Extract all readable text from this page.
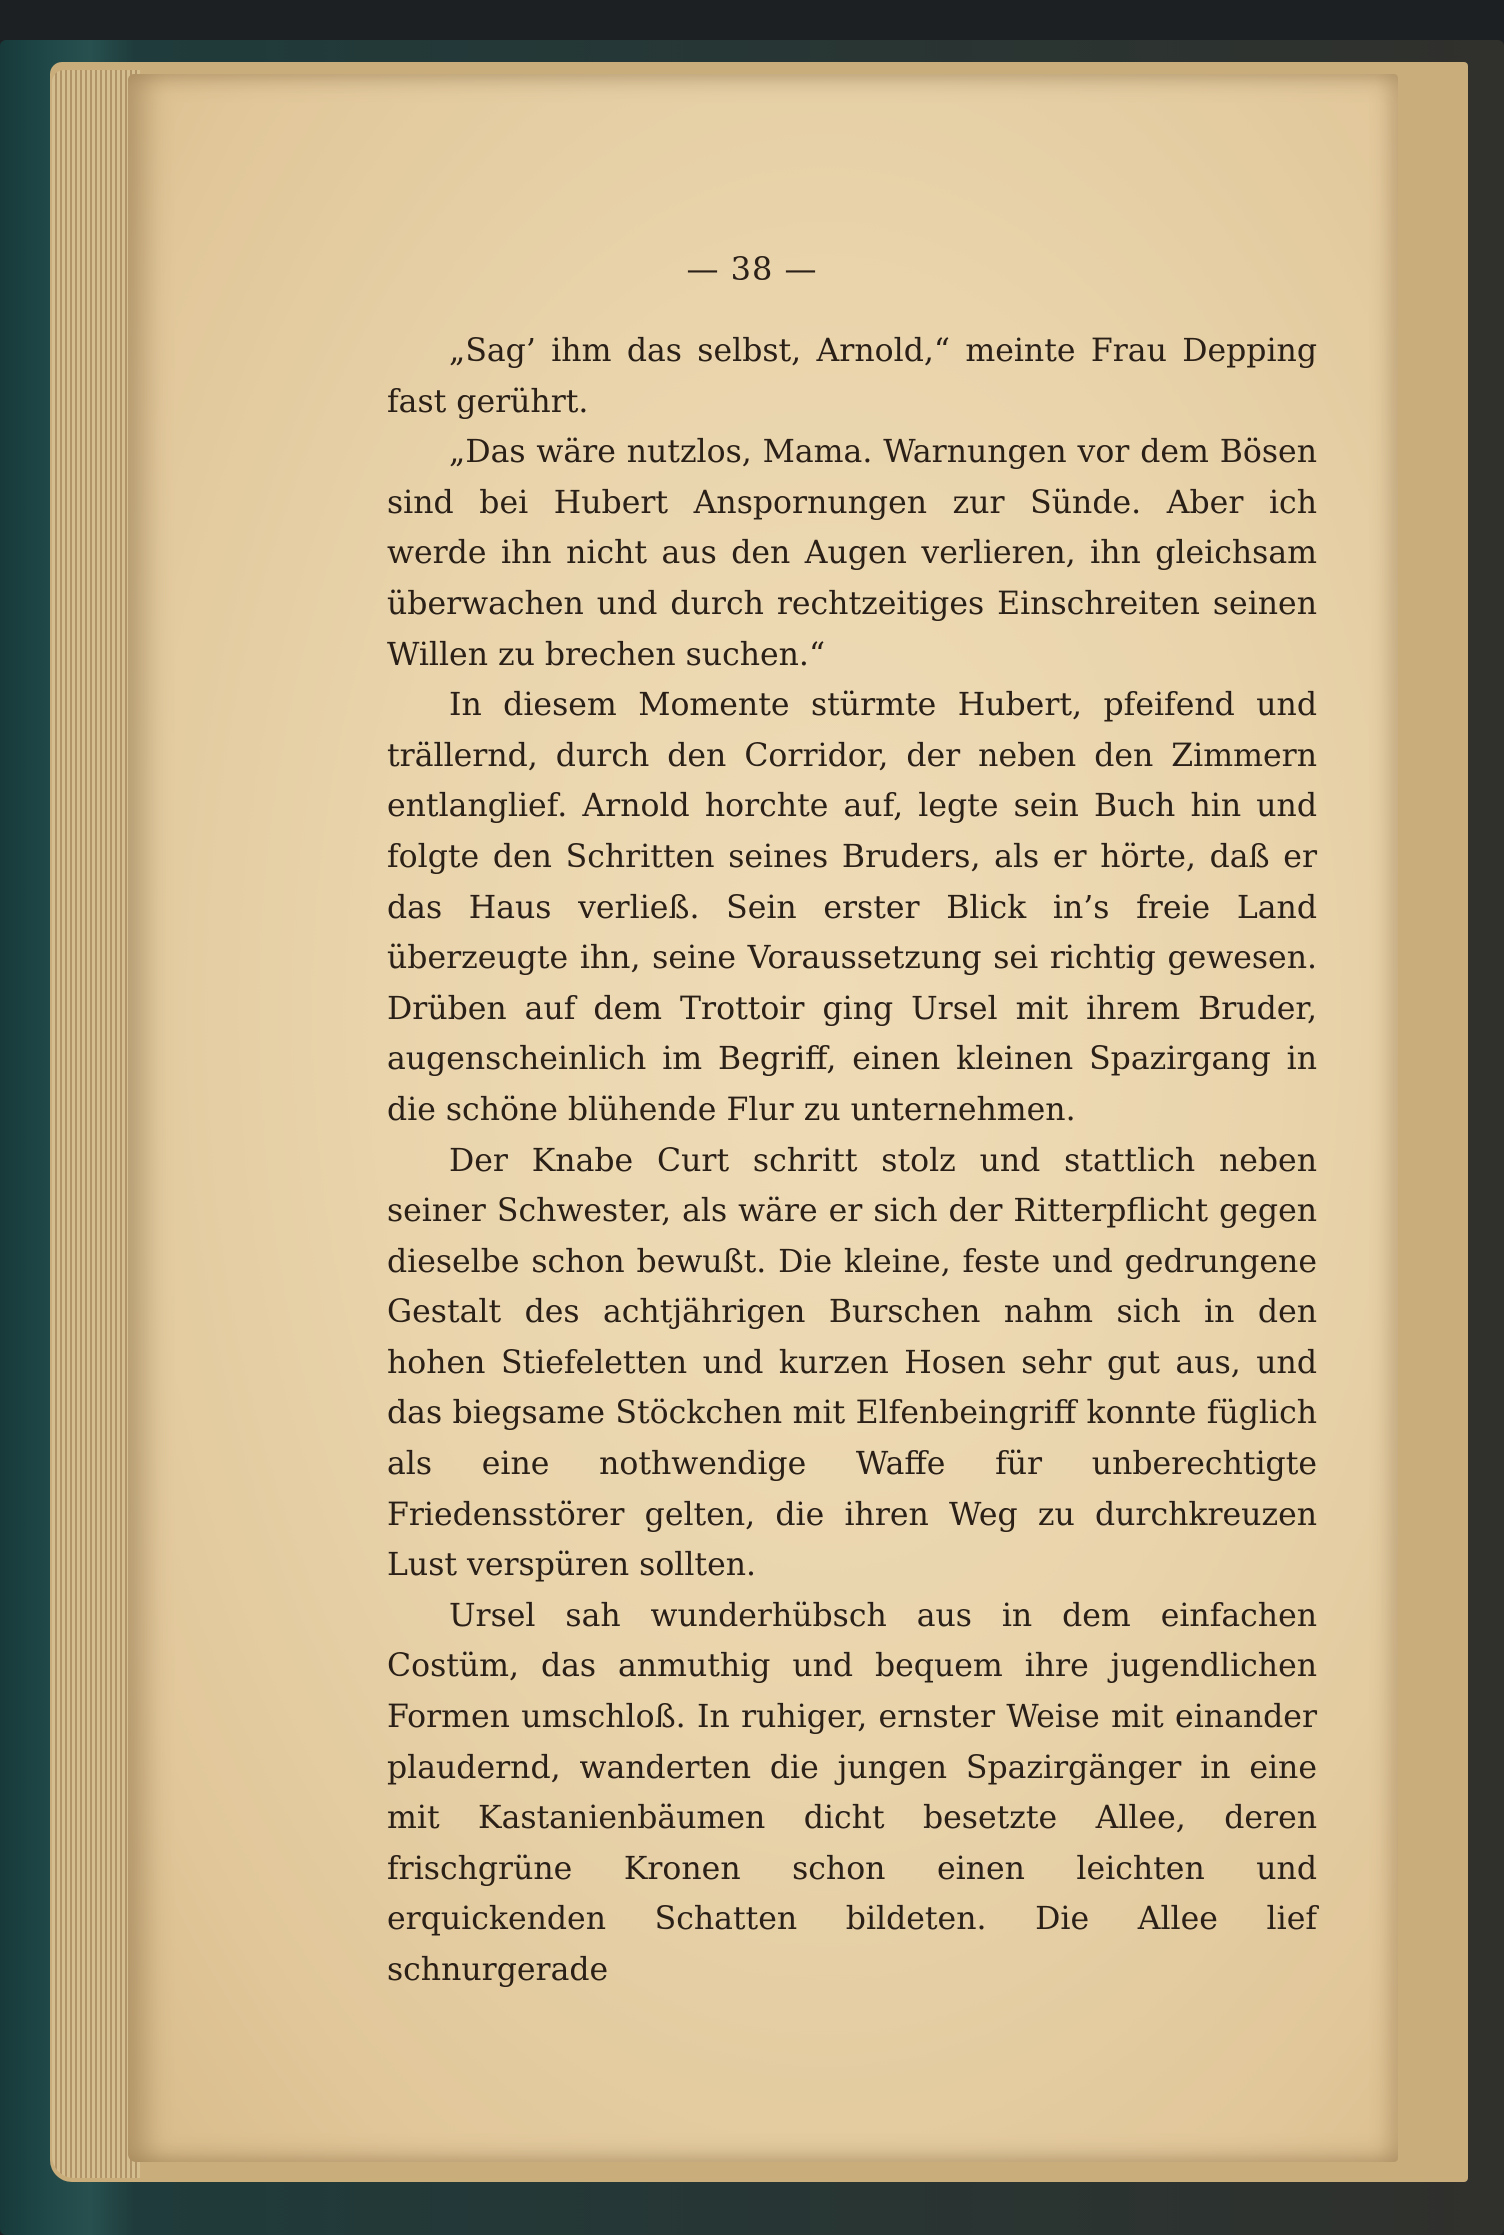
— 38 —

„Sag’ ihm das selbst, Arnold,“ meinte Frau Depping fast gerührt.

„Das wäre nutzlos, Mama. Warnungen vor dem Bösen sind bei Hubert Anspornungen zur Sünde. Aber ich werde ihn nicht aus den Augen verlieren, ihn gleichsam überwachen und durch rechtzeitiges Einschreiten seinen Willen zu brechen suchen.“

In diesem Momente stürmte Hubert, pfeifend und trällernd, durch den Corridor, der neben den Zimmern entlanglief. Arnold horchte auf, legte sein Buch hin und folgte den Schritten seines Bruders, als er hörte, daß er das Haus verließ. Sein erster Blick in’s freie Land überzeugte ihn, seine Voraussetzung sei richtig gewesen. Drüben auf dem Trottoir ging Ursel mit ihrem Bruder, augenscheinlich im Begriff, einen kleinen Spazirgang in die schöne blühende Flur zu unternehmen.

Der Knabe Curt schritt stolz und stattlich neben seiner Schwester, als wäre er sich der Ritterpflicht gegen dieselbe schon bewußt. Die kleine, feste und gedrungene Gestalt des achtjährigen Burschen nahm sich in den hohen Stiefeletten und kurzen Hosen sehr gut aus, und das biegsame Stöckchen mit Elfenbeingriff konnte füglich als eine nothwendige Waffe für unberechtigte Friedensstörer gelten, die ihren Weg zu durchkreuzen Lust verspüren sollten.

Ursel sah wunderhübsch aus in dem einfachen Costüm, das anmuthig und bequem ihre jugendlichen Formen umschloß. In ruhiger, ernster Weise mit einander plaudernd, wanderten die jungen Spazirgänger in eine mit Kastanienbäumen dicht besetzte Allee, deren frischgrüne Kronen schon einen leichten und erquickenden Schatten bildeten. Die Allee lief schnurgerade
